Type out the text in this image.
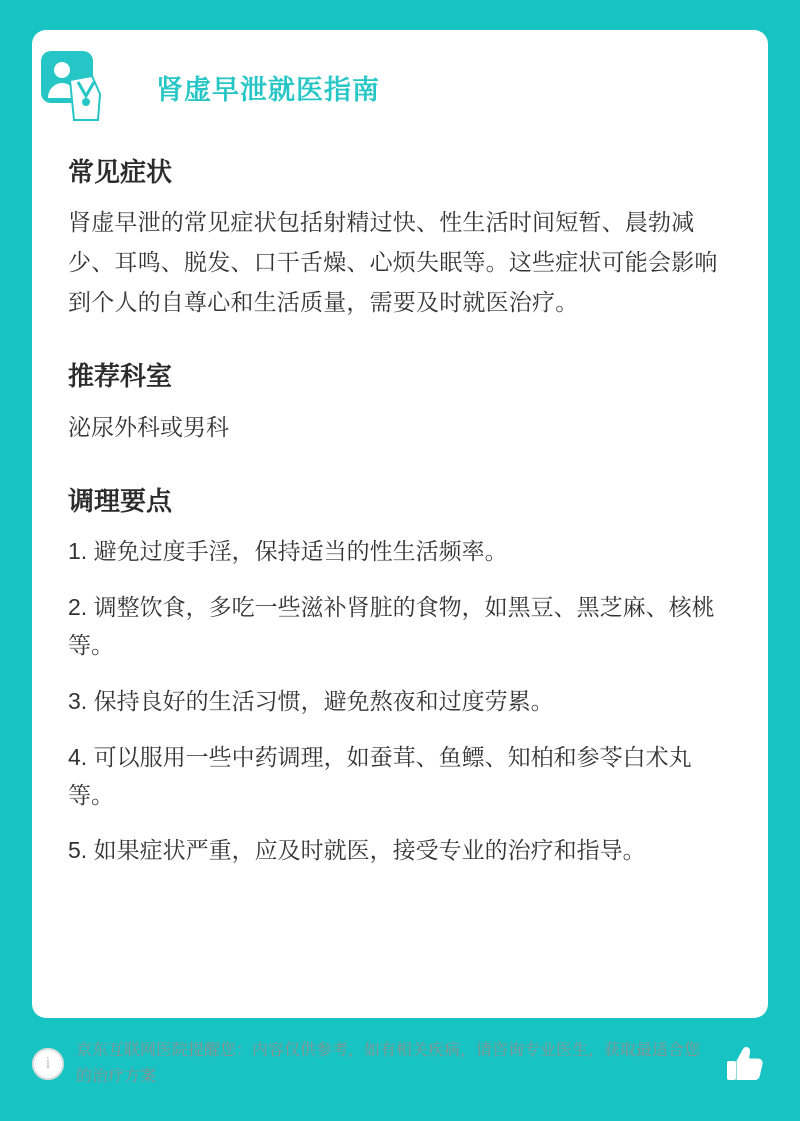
肾虚早泄就医指南
常见症状

肾虚早泄的常见症状包括射精过快、性生活时间短暂、晨勃减少、耳鸣、脱发、口干舌燥、心烦失眠等。这些症状可能会影响到个人的自尊心和生活质量，需要及时就医治疗。

推荐科室

泌尿外科或男科

调理要点
1. 避免过度手淫，保持适当的性生活频率。
2. 调整饮食，多吃一些滋补肾脏的食物，如黑豆、黑芝麻、核桃等。
3. 保持良好的生活习惯，避免熬夜和过度劳累。
4. 可以服用一些中药调理，如蚕茸、鱼鳔、知柏和参苓白术丸等。
5. 如果症状严重，应及时就医，接受专业的治疗和指导。
i
京东互联网医院提醒您：内容仅供参考，如有相关疾病，请咨询专业医生，获取最适合您的治疗方案
